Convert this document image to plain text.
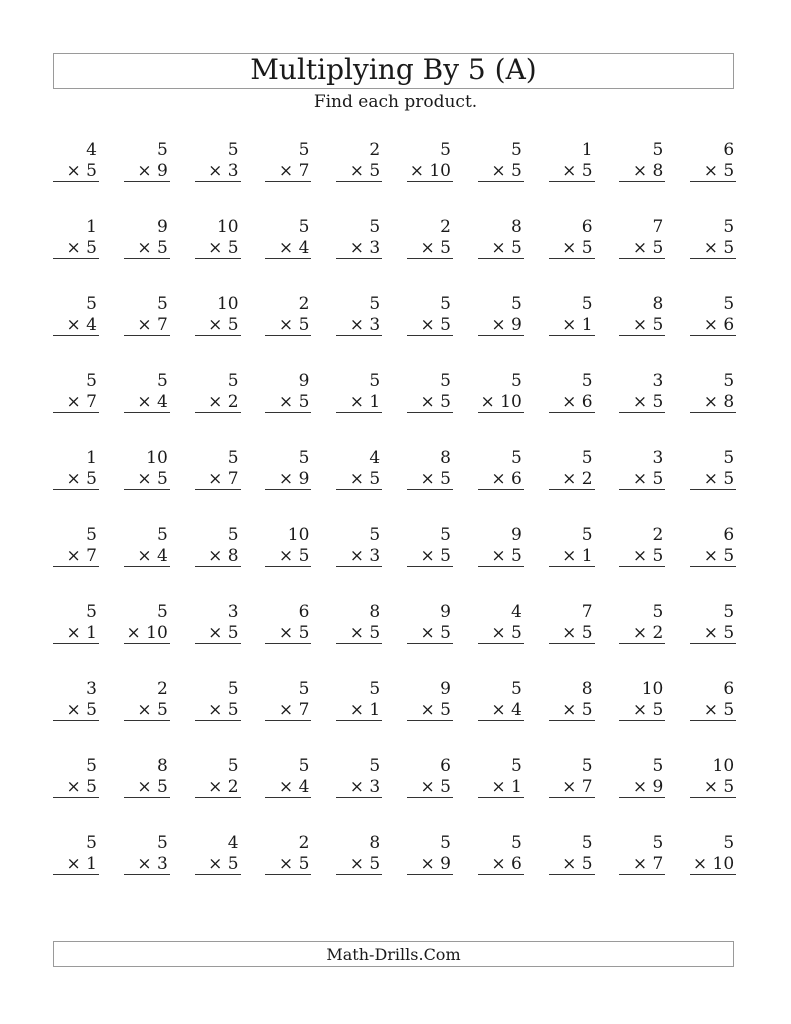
Multiplying By 5 (A)
Find each product.
4
× 5
5
× 9
5
× 3
5
× 7
2
× 5
5
× 10
5
× 5
1
× 5
5
× 8
6
× 5
1
× 5
9
× 5
10
× 5
5
× 4
5
× 3
2
× 5
8
× 5
6
× 5
7
× 5
5
× 5
5
× 4
5
× 7
10
× 5
2
× 5
5
× 3
5
× 5
5
× 9
5
× 1
8
× 5
5
× 6
5
× 7
5
× 4
5
× 2
9
× 5
5
× 1
5
× 5
5
× 10
5
× 6
3
× 5
5
× 8
1
× 5
10
× 5
5
× 7
5
× 9
4
× 5
8
× 5
5
× 6
5
× 2
3
× 5
5
× 5
5
× 7
5
× 4
5
× 8
10
× 5
5
× 3
5
× 5
9
× 5
5
× 1
2
× 5
6
× 5
5
× 1
5
× 10
3
× 5
6
× 5
8
× 5
9
× 5
4
× 5
7
× 5
5
× 2
5
× 5
3
× 5
2
× 5
5
× 5
5
× 7
5
× 1
9
× 5
5
× 4
8
× 5
10
× 5
6
× 5
5
× 5
8
× 5
5
× 2
5
× 4
5
× 3
6
× 5
5
× 1
5
× 7
5
× 9
10
× 5
5
× 1
5
× 3
4
× 5
2
× 5
8
× 5
5
× 9
5
× 6
5
× 5
5
× 7
5
× 10
Math-Drills.Com
